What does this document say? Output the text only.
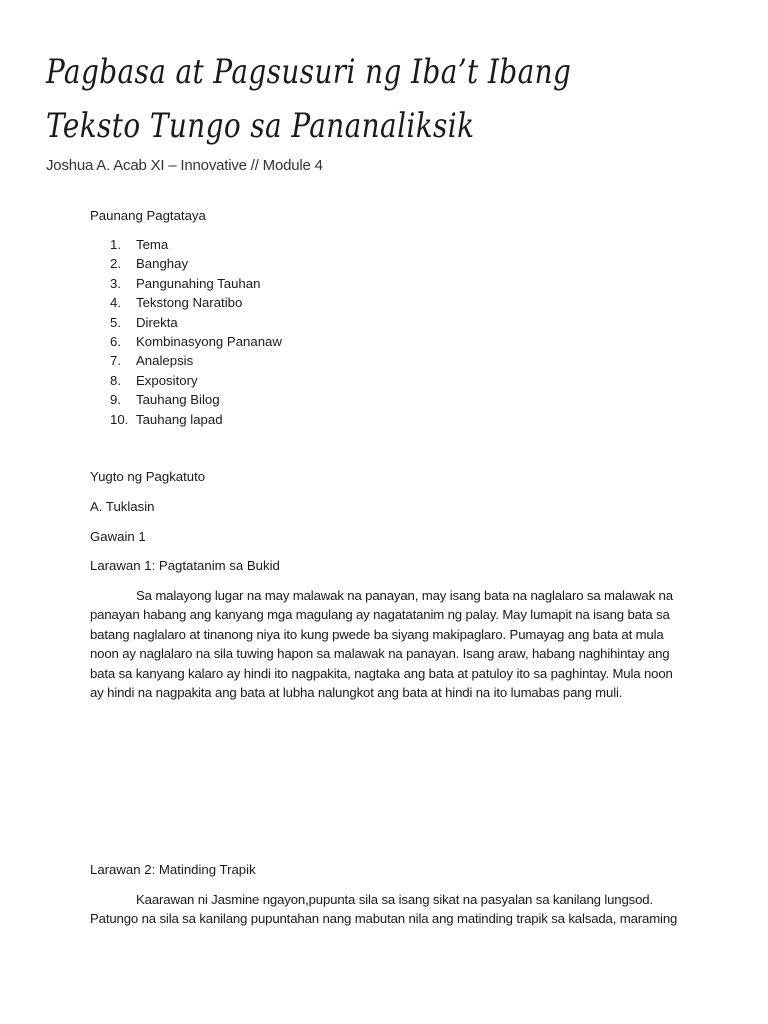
Pagbasa at Pagsusuri ng Iba’t Ibang
Teksto Tungo sa Pananaliksik
Joshua A. Acab XI – Innovative // Module 4
Paunang Pagtataya
1. Tema
2. Banghay
3. Pangunahing Tauhan
4. Tekstong Naratibo
5. Direkta
6. Kombinasyong Pananaw
7. Analepsis
8. Expository
9. Tauhang Bilog
10. Tauhang lapad
Yugto ng Pagkatuto
A. Tuklasin
Gawain 1
Larawan 1: Pagtatanim sa Bukid
Sa malayong lugar na may malawak na panayan, may isang bata na naglalaro sa malawak na panayan habang ang kanyang mga magulang ay nagatatanim ng palay. May lumapit na isang bata sa batang naglalaro at tinanong niya ito kung pwede ba siyang makipaglaro. Pumayag ang bata at mula noon ay naglalaro na sila tuwing hapon sa malawak na panayan. Isang araw, habang naghihintay ang bata sa kanyang kalaro ay hindi ito nagpakita, nagtaka ang bata at patuloy ito sa paghintay. Mula noon ay hindi na nagpakita ang bata at lubha nalungkot ang bata at hindi na ito lumabas pang muli.
Larawan 2: Matinding Trapik
Kaarawan ni Jasmine ngayon,pupunta sila sa isang sikat na pasyalan sa kanilang lungsod. Patungo na sila sa kanilang pupuntahan nang mabutan nila ang matinding trapik sa kalsada, maraming
